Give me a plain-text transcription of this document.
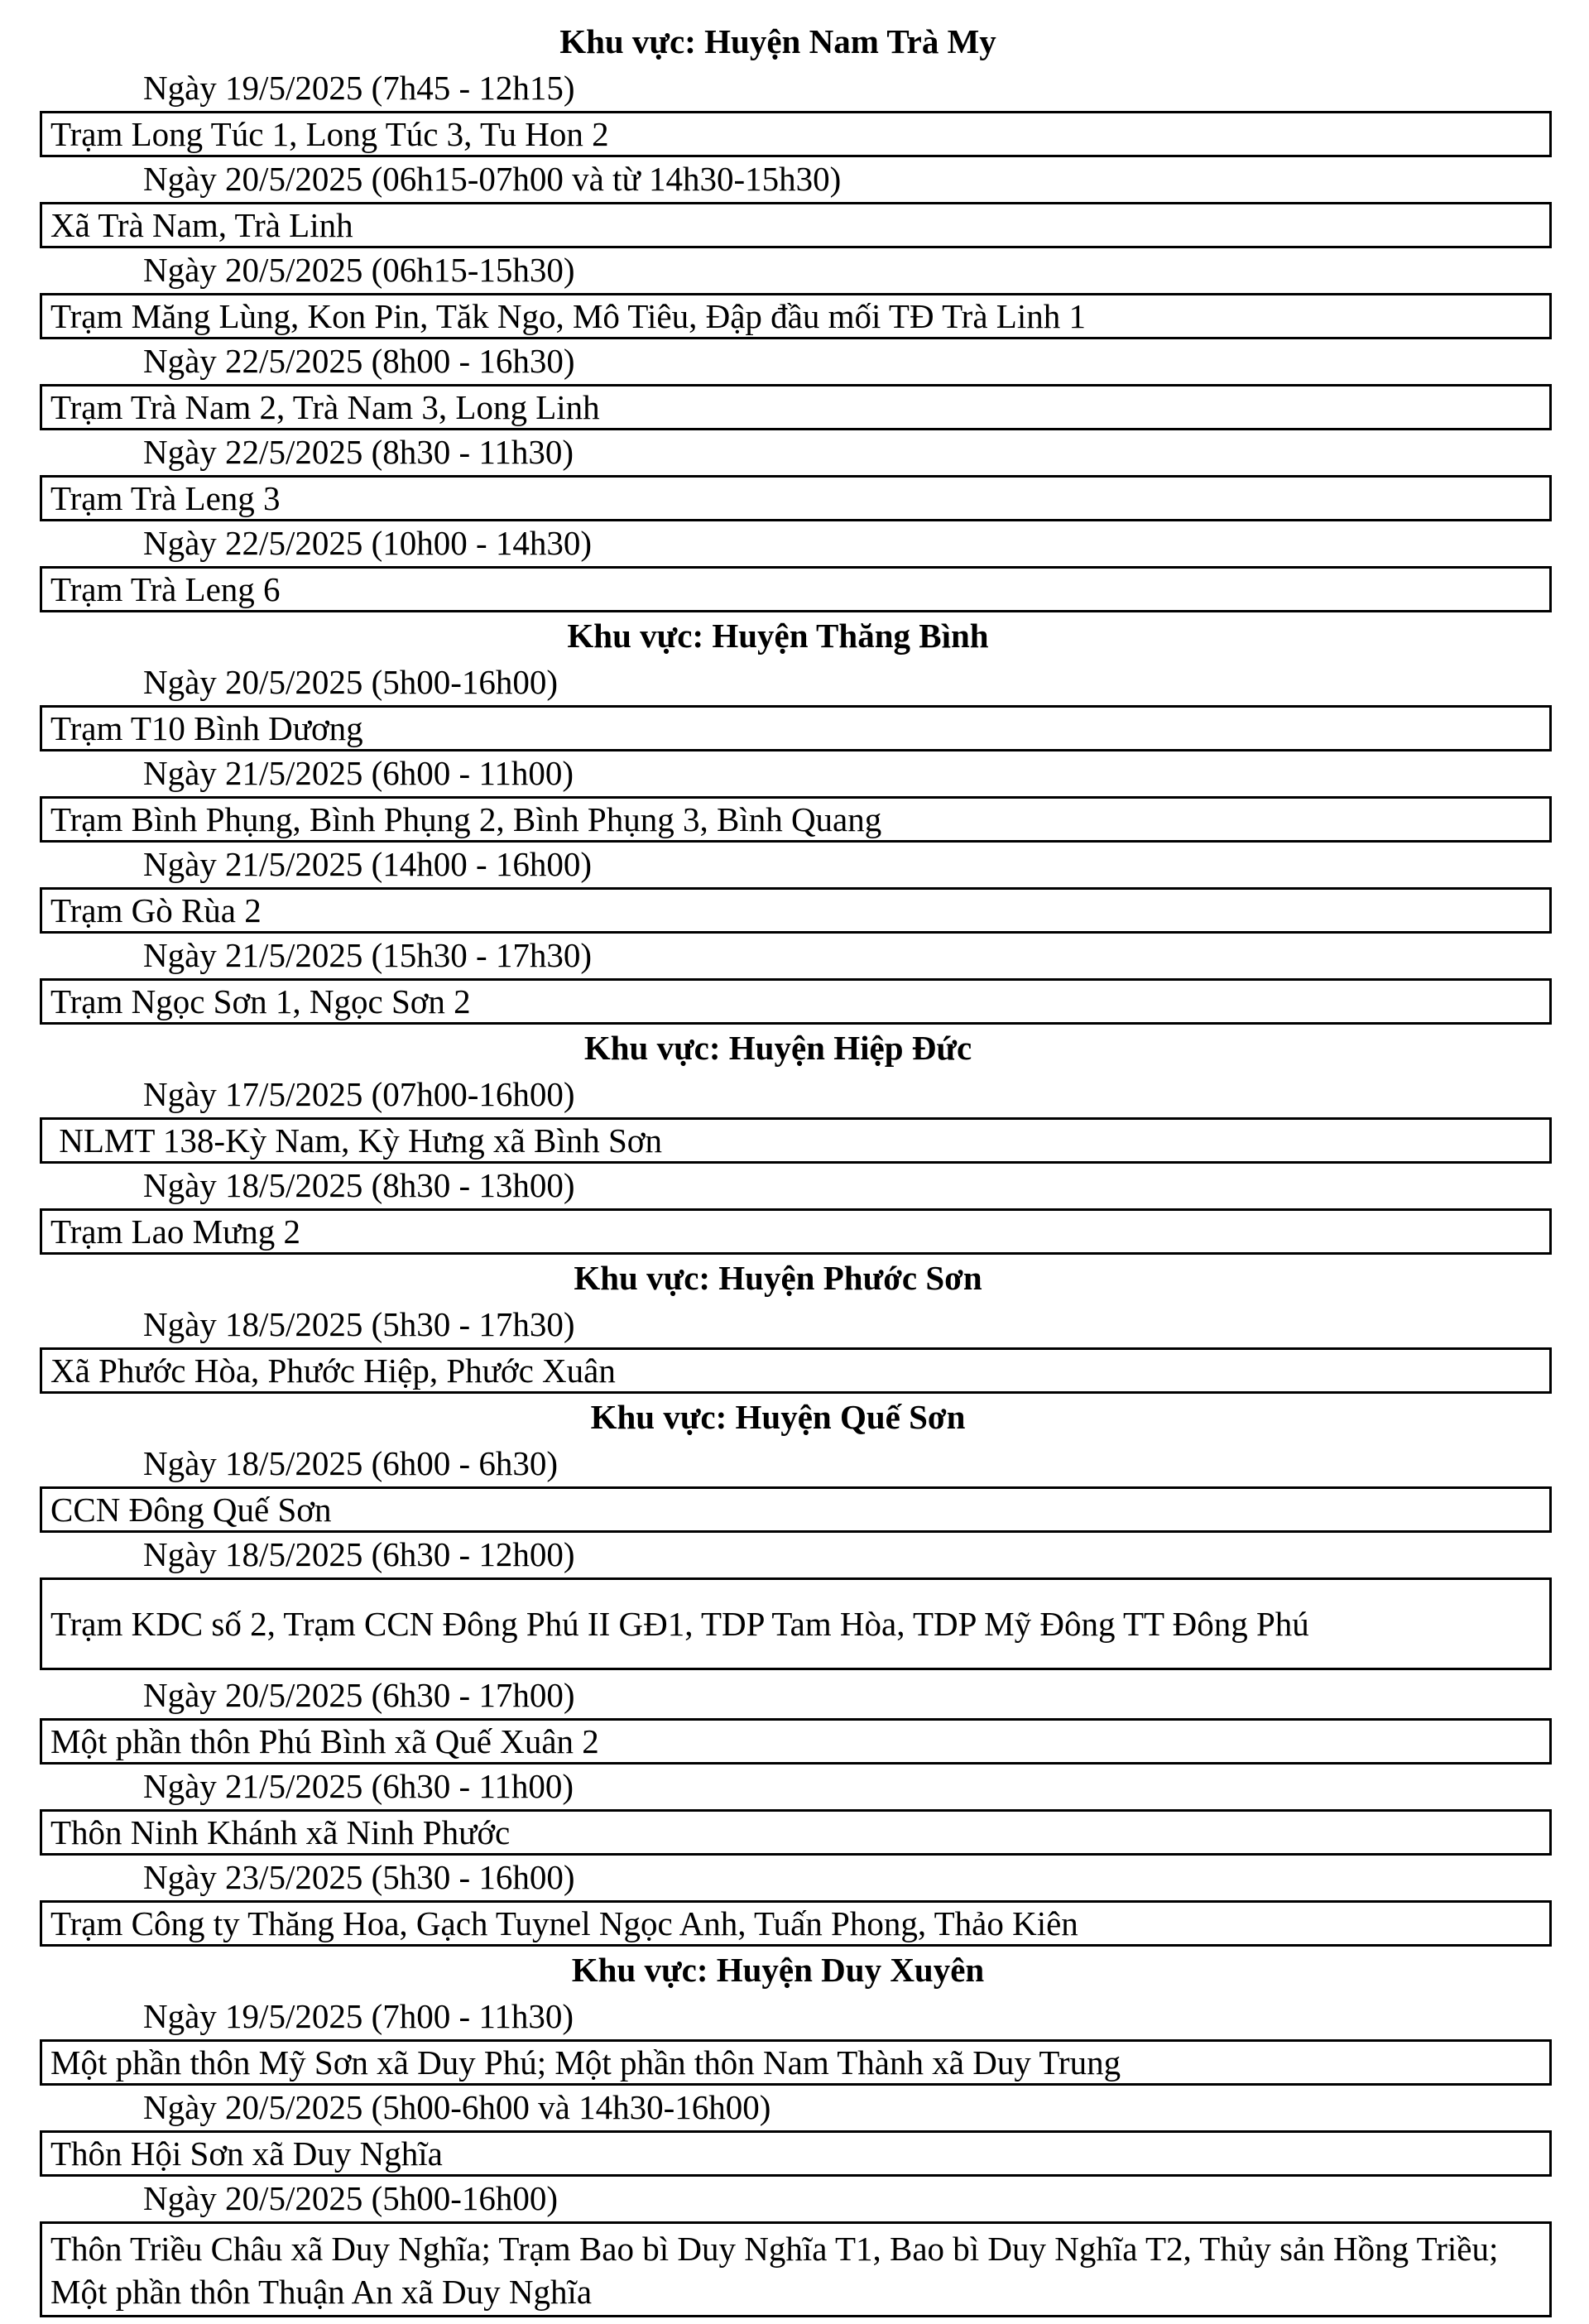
Khu vực: Huyện Nam Trà My
Ngày 19/5/2025 (7h45 - 12h15)
Trạm Long Túc 1, Long Túc 3, Tu Hon 2
Ngày 20/5/2025 (06h15-07h00 và từ 14h30-15h30)
Xã Trà Nam, Trà Linh
Ngày 20/5/2025 (06h15-15h30)
Trạm Măng Lùng, Kon Pin, Tăk Ngo, Mô Tiêu, Đập đầu mối TĐ Trà Linh 1
Ngày 22/5/2025 (8h00 - 16h30)
Trạm Trà Nam 2, Trà Nam 3, Long Linh
Ngày 22/5/2025 (8h30 - 11h30)
Trạm Trà Leng 3
Ngày 22/5/2025 (10h00 - 14h30)
Trạm Trà Leng 6
Khu vực: Huyện Thăng Bình
Ngày 20/5/2025 (5h00-16h00)
Trạm T10 Bình Dương
Ngày 21/5/2025 (6h00 - 11h00)
Trạm Bình Phụng, Bình Phụng 2, Bình Phụng 3, Bình Quang
Ngày 21/5/2025 (14h00 - 16h00)
Trạm Gò Rùa 2
Ngày 21/5/2025 (15h30 - 17h30)
Trạm Ngọc Sơn 1, Ngọc Sơn 2
Khu vực: Huyện Hiệp Đức
Ngày 17/5/2025 (07h00-16h00)
NLMT 138-Kỳ Nam, Kỳ Hưng xã Bình Sơn
Ngày 18/5/2025 (8h30 - 13h00)
Trạm Lao Mưng 2
Khu vực: Huyện Phước Sơn
Ngày 18/5/2025 (5h30 - 17h30)
Xã Phước Hòa, Phước Hiệp, Phước Xuân
Khu vực: Huyện Quế Sơn
Ngày 18/5/2025 (6h00 - 6h30)
CCN Đông Quế Sơn
Ngày 18/5/2025 (6h30 - 12h00)
Trạm KDC số 2, Trạm CCN Đông Phú II GĐ1, TDP Tam Hòa, TDP Mỹ Đông TT Đông Phú
Ngày 20/5/2025 (6h30 - 17h00)
Một phần thôn Phú Bình xã Quế Xuân 2
Ngày 21/5/2025 (6h30 - 11h00)
Thôn Ninh Khánh xã Ninh Phước
Ngày 23/5/2025 (5h30 - 16h00)
Trạm Công ty Thăng Hoa, Gạch Tuynel Ngọc Anh, Tuấn Phong, Thảo Kiên
Khu vực: Huyện Duy Xuyên
Ngày 19/5/2025 (7h00 - 11h30)
Một phần thôn Mỹ Sơn xã Duy Phú; Một phần thôn Nam Thành xã Duy Trung
Ngày 20/5/2025 (5h00-6h00 và 14h30-16h00)
Thôn Hội Sơn xã Duy Nghĩa
Ngày 20/5/2025 (5h00-16h00)
Thôn Triều Châu xã Duy Nghĩa; Trạm Bao bì Duy Nghĩa T1, Bao bì Duy Nghĩa T2, Thủy sản Hồng Triều; Một phần thôn Thuận An xã Duy Nghĩa
